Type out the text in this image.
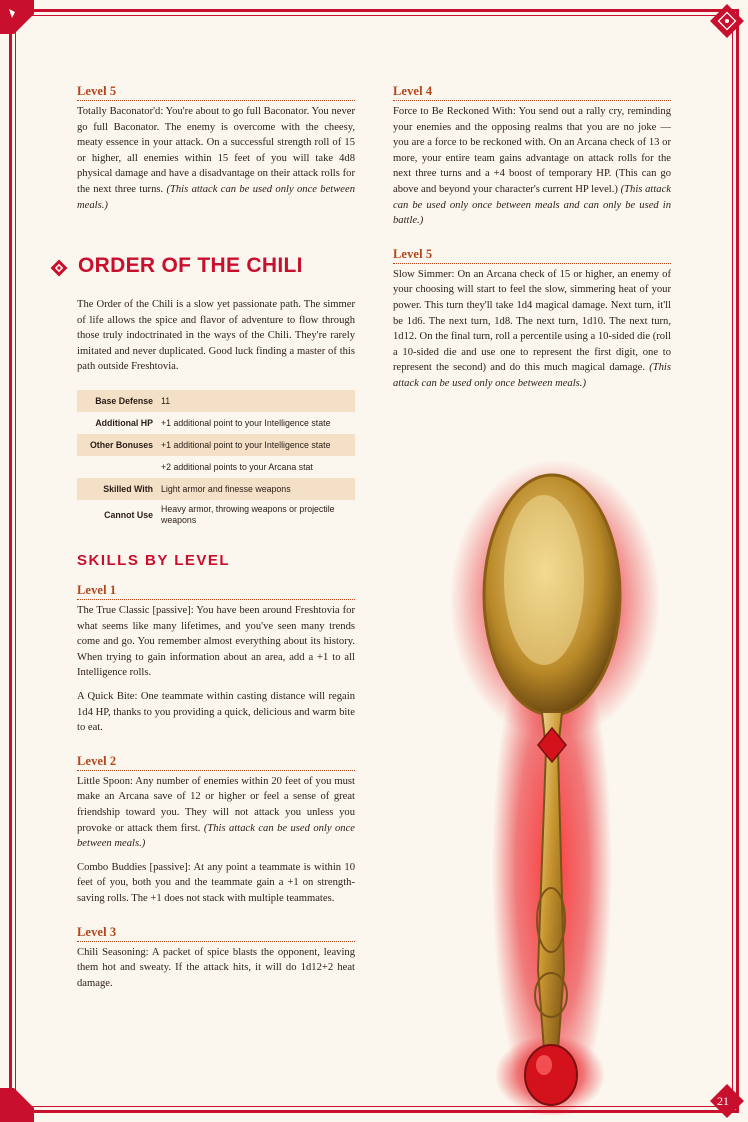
21
Level 5

Totally Baconator'd: You're about to go full Baconator. You never go full Baconator. The enemy is overcome with the cheesy, meaty essence in your attack. On a successful strength roll of 15 or higher, all enemies within 15 feet of you will take 4d8 physical damage and have a disadvantage on their attack rolls for the next three turns. (This attack can be used only once between meals.)

ORDER OF THE CHILI

The Order of the Chili is a slow yet passionate path. The simmer of life allows the spice and flavor of adventure to flow through those truly indoctrinated in the ways of the Chili. They're rarely imitated and never duplicated. Good luck finding a master of this path outside Freshtovia.

Base Defense	11
Additional HP	+1 additional point to your Intelligence state
Other Bonuses	+1 additional point to your Intelligence state
	+2 additional points to your Arcana stat
Skilled With	Light armor and finesse weapons
Cannot Use	Heavy armor, throwing weapons or projectile weapons
SKILLS BY LEVEL
Level 1

The True Classic [passive]: You have been around Freshtovia for what seems like many lifetimes, and you've seen many trends come and go. You remember almost everything about its history. When trying to gain information about an area, add a +1 to all Intelligence rolls.

A Quick Bite: One teammate within casting distance will regain 1d4 HP, thanks to you providing a quick, delicious and warm bite to eat.

Level 2

Little Spoon: Any number of enemies within 20 feet of you must make an Arcana save of 12 or higher or feel a sense of great friendship toward you. They will not attack you unless you provoke or attack them first. (This attack can be used only once between meals.)

Combo Buddies [passive]: At any point a teammate is within 10 feet of you, both you and the teammate gain a +1 on strength-saving rolls. The +1 does not stack with multiple teammates.

Level 3

Chili Seasoning: A packet of spice blasts the opponent, leaving them hot and sweaty. If the attack hits, it will do 1d12+2 heat damage.

Level 4

Force to Be Reckoned With: You send out a rally cry, reminding your enemies and the opposing realms that you are no joke — you are a force to be reckoned with. On an Arcana check of 13 or more, your entire team gains advantage on attack rolls for the next three turns and a +4 boost of temporary HP. (This can go above and beyond your character's current HP level.) (This attack can be used only once between meals and can only be used in battle.)

Level 5

Slow Simmer: On an Arcana check of 15 or higher, an enemy of your choosing will start to feel the slow, simmering heat of your power. This turn they'll take 1d4 magical damage. Next turn, it'll be 1d6. The next turn, 1d8. The next turn, 1d10. The next turn, 1d12. On the final turn, roll a percentile using a 10-sided die (roll a 10-sided die and use one to represent the first digit, one to represent the second) and do this much magical damage. (This attack can be used only once between meals.)
